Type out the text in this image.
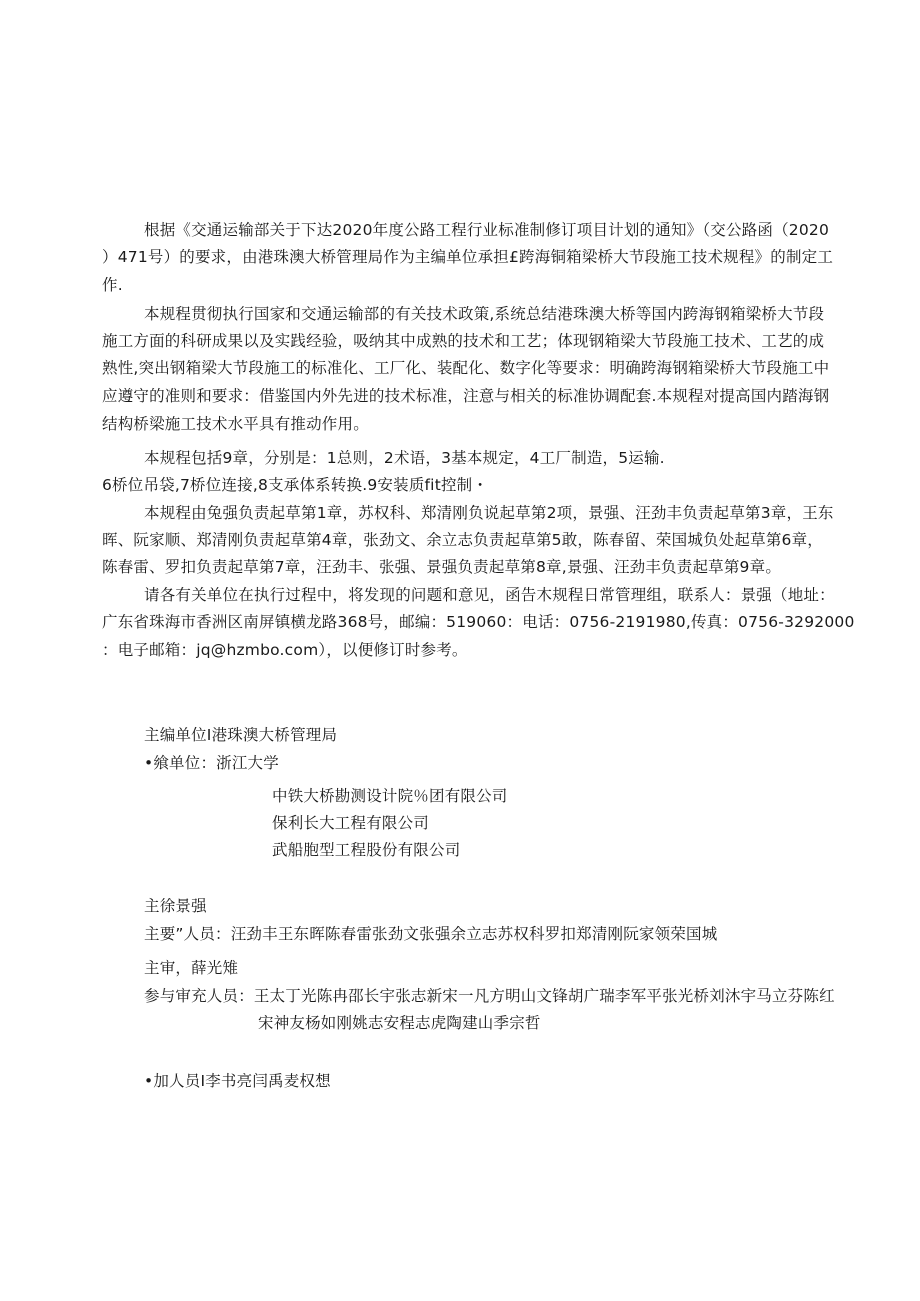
根据《交通运输部关于下达2020年度公路工程行业标准制修订项目计划的通知》（交公路函（2020
）471号）的要求，由港珠澳大桥管理局作为主编单位承担£跨海铜箱梁桥大节段施工技术规程》的制定工
作.
本规程贯彻执行国家和交通运输部的有关技术政策,系统总结港珠澳大桥等国内跨海钢箱梁桥大节段
施工方面的科研成果以及实践经验，吸纳其中成熟的技术和工艺；体现钢箱梁大节段施工技术、工艺的成
熟性,突出钢箱梁大节段施工的标准化、工厂化、装配化、数字化等要求：明确跨海钢箱梁桥大节段施工中
应遵守的准则和要求：借鉴国内外先进的技术标准，注意与相关的标准协调配套.本规程对提高国内踏海钢
结构桥梁施工技术水平具有推动作用。
本规程包括9章，分别是：1总则，2术语，3基本规定，4工厂制造，5运输.
6桥位吊袋,7桥位连接,8支承体系转换.9安装质fit控制・
本规程由兔强负责起草第1章，苏权科、郑清刚负说起草第2项，景强、汪劲丰负责起草第3章，王东
晖、阮家顺、郑清刚负责起草第4章，张劲文、余立志负责起草第5敢，陈春留、荣国城负处起草第6章，
陈春雷、罗扣负责起草第7章，汪劲丰、张强、景强负责起草第8章,景强、汪劲丰负责起草第9章。
请各有关单位在执行过程中，将发现的问题和意见，函告木规程日常管理组，联系人：景强（地址：
广东省珠海市香洲区南屏镇横龙路368号，邮编：519060：电话：0756-2191980,传真：0756-3292000
：电子邮箱：jq@hzmbo.com），以便修订时参考。
主编单位I港珠澳大桥管理局
•飨单位：浙江大学
中铁大桥勘测设计院％团有限公司
保利长大工程有限公司
武船胞型工程股份有限公司
主徐景强
主要”人员：汪劲丰王东晖陈春雷张劲文张强余立志苏权科罗扣郑清刚阮家领荣国城
主审，薛光雉
参与审充人员：王太丁光陈冉邵长宇张志新宋一凡方明山文锋胡广瑞李军平张光桥刘沐宇马立芬陈红
宋神友杨如刚姚志安程志虎陶建山季宗哲
•加人员I李书亮闫禹麦权想
